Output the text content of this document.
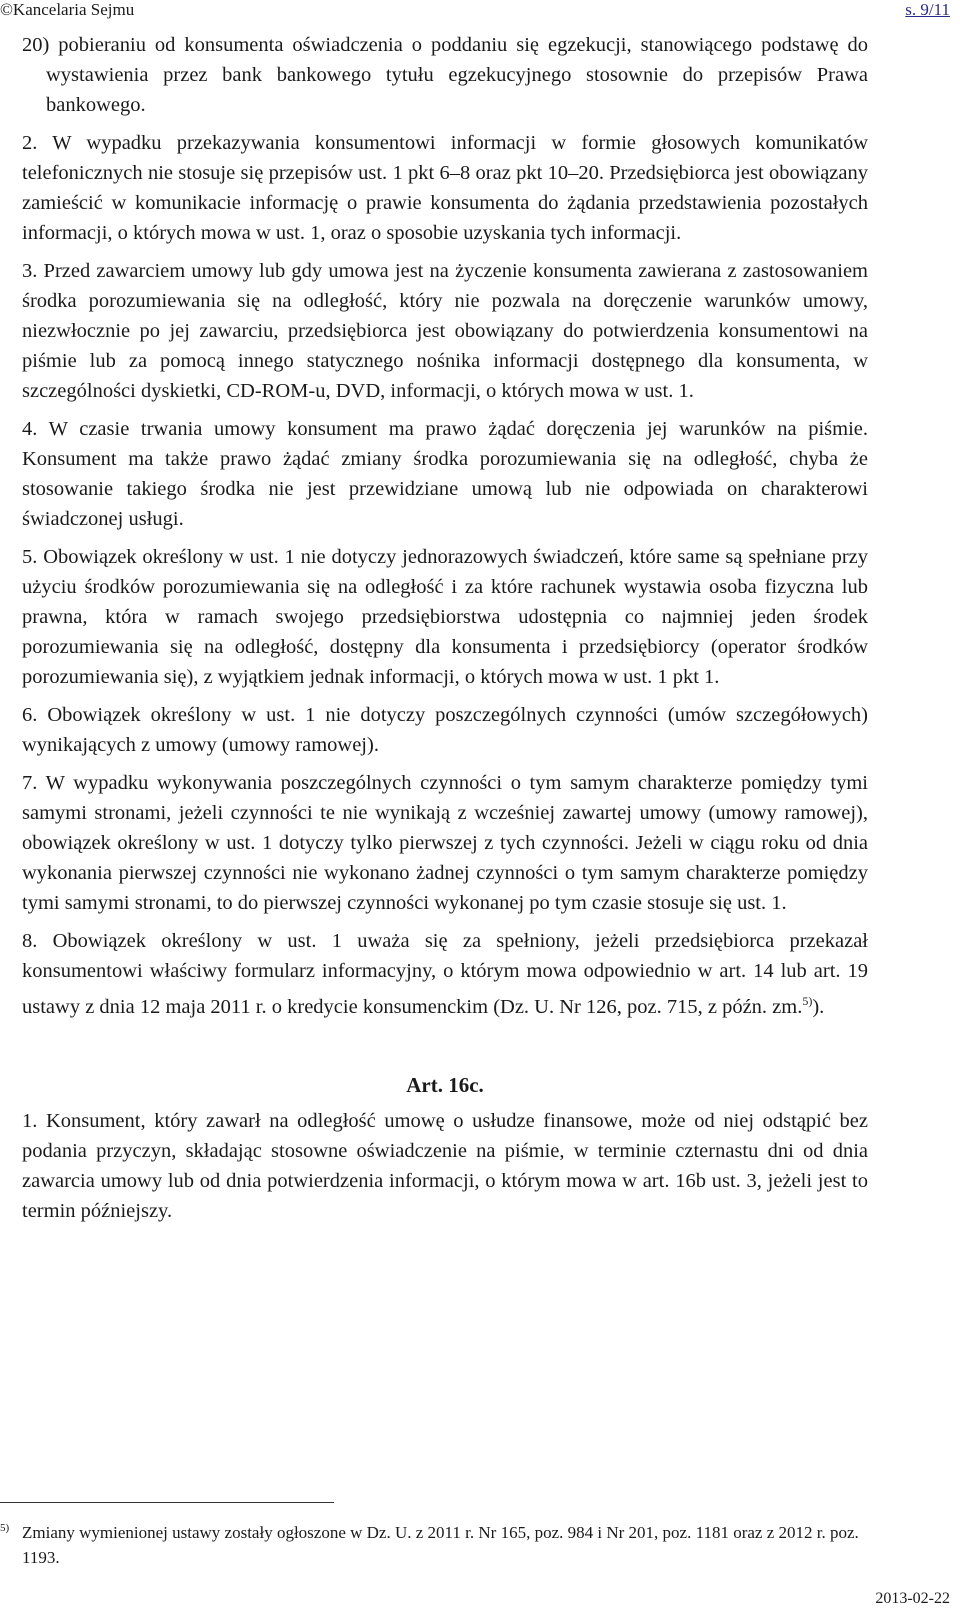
©Kancelaria Sejmu	s. 9/11

20) pobieraniu od konsumenta oświadczenia o poddaniu się egzekucji, stanowiącego podstawę do wystawienia przez bank bankowego tytułu egzekucyjnego stosownie do przepisów Prawa bankowego.

2. W wypadku przekazywania konsumentowi informacji w formie głosowych komunikatów telefonicznych nie stosuje się przepisów ust. 1 pkt 6–8 oraz pkt 10–20. Przedsiębiorca jest obowiązany zamieścić w komunikacie informację o prawie konsumenta do żądania przedstawienia pozostałych informacji, o których mowa w ust. 1, oraz o sposobie uzyskania tych informacji.

3. Przed zawarciem umowy lub gdy umowa jest na życzenie konsumenta zawierana z zastosowaniem środka porozumiewania się na odległość, który nie pozwala na doręczenie warunków umowy, niezwłocznie po jej zawarciu, przedsiębiorca jest obowiązany do potwierdzenia konsumentowi na piśmie lub za pomocą innego statycznego nośnika informacji dostępnego dla konsumenta, w szczególności dyskietki, CD-ROM-u, DVD, informacji, o których mowa w ust. 1.

4. W czasie trwania umowy konsument ma prawo żądać doręczenia jej warunków na piśmie. Konsument ma także prawo żądać zmiany środka porozumiewania się na odległość, chyba że stosowanie takiego środka nie jest przewidziane umową lub nie odpowiada on charakterowi świadczonej usługi.

5. Obowiązek określony w ust. 1 nie dotyczy jednorazowych świadczeń, które same są spełniane przy użyciu środków porozumiewania się na odległość i za które rachunek wystawia osoba fizyczna lub prawna, która w ramach swojego przedsiębiorstwa udostępnia co najmniej jeden środek porozumiewania się na odległość, dostępny dla konsumenta i przedsiębiorcy (operator środków porozumiewania się), z wyjątkiem jednak informacji, o których mowa w ust. 1 pkt 1.

6. Obowiązek określony w ust. 1 nie dotyczy poszczególnych czynności (umów szczegółowych) wynikających z umowy (umowy ramowej).

7. W wypadku wykonywania poszczególnych czynności o tym samym charakterze pomiędzy tymi samymi stronami, jeżeli czynności te nie wynikają z wcześniej zawartej umowy (umowy ramowej), obowiązek określony w ust. 1 dotyczy tylko pierwszej z tych czynności. Jeżeli w ciągu roku od dnia wykonania pierwszej czynności nie wykonano żadnej czynności o tym samym charakterze pomiędzy tymi samymi stronami, to do pierwszej czynności wykonanej po tym czasie stosuje się ust. 1.

8. Obowiązek określony w ust. 1 uważa się za spełniony, jeżeli przedsiębiorca przekazał konsumentowi właściwy formularz informacyjny, o którym mowa odpowiednio w art. 14 lub art. 19 ustawy z dnia 12 maja 2011 r. o kredycie konsumenckim (Dz. U. Nr 126, poz. 715, z późn. zm.$^{5)}$).

Art. 16c.

1. Konsument, który zawarł na odległość umowę o usłudze finansowe, może od niej odstąpić bez podania przyczyn, składając stosowne oświadczenie na piśmie, w terminie czternastu dni od dnia zawarcia umowy lub od dnia potwierdzenia informacji, o którym mowa w art. 16b ust. 3, jeżeli jest to termin późniejszy.

5) Zmiany wymienionej ustawy zostały ogłoszone w Dz. U. z 2011 r. Nr 165, poz. 984 i Nr 201, poz. 1181 oraz z 2012 r. poz. 1193.
2013-02-22
